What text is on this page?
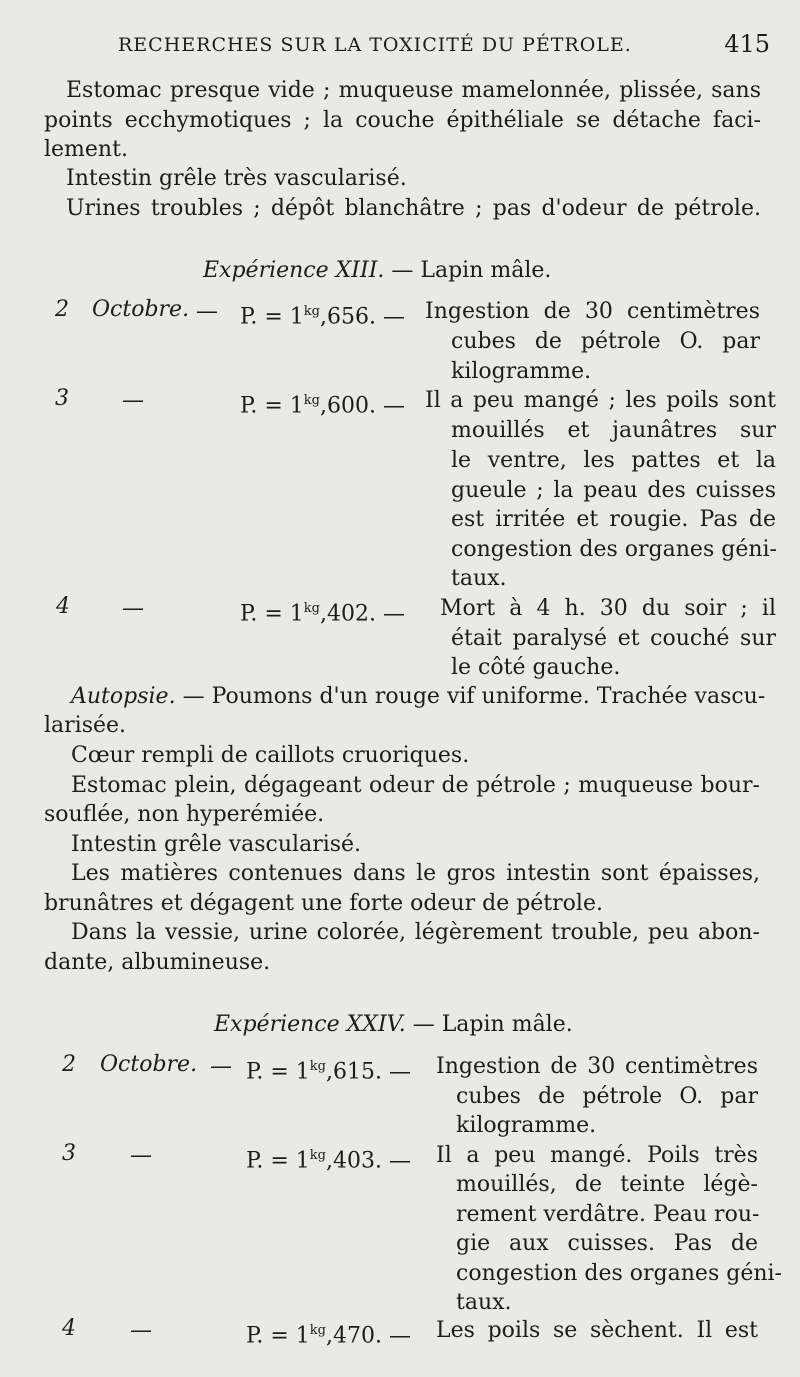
RECHERCHES SUR LA TOXICITÉ DU PÉTROLE.	415
Estomac presque vide ; muqueuse mamelonnée, plissée, sans
points ecchymotiques ; la couche épithéliale se détache faci-
lement.
Intestin grêle très vascularisé.
Urines troubles ; dépôt blanchâtre ; pas d'odeur de pétrole.
Expérience XIII. — Lapin mâle.
2 Octobre. — P. = $1^{kg},656$. — Ingestion de 30 centimètres
cubes de pétrole O. par
kilogramme.
3 —	P. = $1^{kg},600$. — Il a peu mangé ; les poils sont
mouillés et jaunâtres sur
le ventre, les pattes et la
gueule ; la peau des cuisses
est irritée et rougie. Pas de
congestion des organes géni-
taux.
4 —	P. = $1^{kg},402$. — Mort à 4 h. 30 du soir ; il
était paralysé et couché sur
le côté gauche.
Autopsie. — Poumons d'un rouge vif uniforme. Trachée vascu-
larisée.
Cœur rempli de caillots cruoriques.
Estomac plein, dégageant odeur de pétrole ; muqueuse bour-
souflée, non hyperémiée.
Intestin grêle vascularisé.
Les matières contenues dans le gros intestin sont épaisses,
brunâtres et dégagent une forte odeur de pétrole.
Dans la vessie, urine colorée, légèrement trouble, peu abon-
dante, albumineuse.
Expérience XXIV. — Lapin mâle.
2 Octobre. — P. = $1^{kg},615$. — Ingestion de 30 centimètres
cubes de pétrole O. par
kilogramme.
3 —	P. = $1^{kg},403$. — Il a peu mangé. Poils très
mouillés, de teinte légè-
rement verdâtre. Peau rou-
gie aux cuisses. Pas de
congestion des organes géni-
taux.
4 —	P. = $1^{kg},470$. — Les poils se sèchent. Il est
